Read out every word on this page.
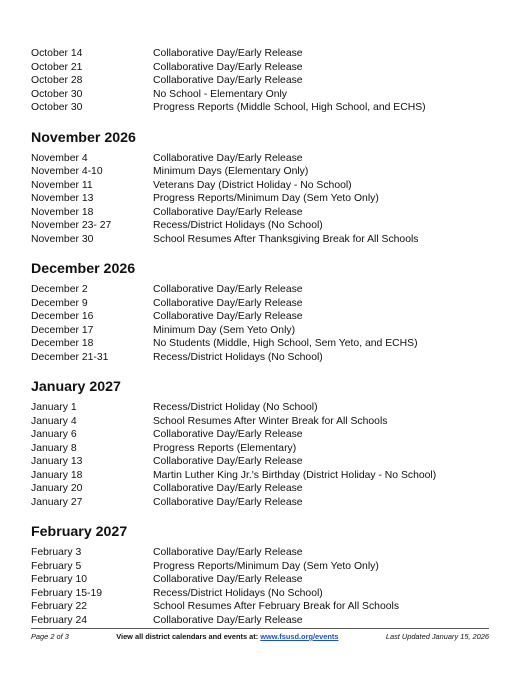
October 14	Collaborative Day/Early Release
October 21	Collaborative Day/Early Release
October 28	Collaborative Day/Early Release
October 30	No School - Elementary Only
October 30	Progress Reports (Middle School, High School, and ECHS)
November 2026
November 4	Collaborative Day/Early Release
November 4-10	Minimum Days (Elementary Only)
November 11	Veterans Day (District Holiday - No School)
November 13	Progress Reports/Minimum Day (Sem Yeto Only)
November 18	Collaborative Day/Early Release
November 23- 27	Recess/District Holidays (No School)
November 30	School Resumes After Thanksgiving Break for All Schools
December 2026
December 2	Collaborative Day/Early Release
December 9	Collaborative Day/Early Release
December 16	Collaborative Day/Early Release
December 17	Minimum Day (Sem Yeto Only)
December 18	No Students (Middle, High School, Sem Yeto, and ECHS)
December 21-31	Recess/District Holidays (No School)
January 2027
January 1	Recess/District Holiday (No School)
January 4	School Resumes After Winter Break for All Schools
January 6	Collaborative Day/Early Release
January 8	Progress Reports (Elementary)
January 13	Collaborative Day/Early Release
January 18	Martin Luther King Jr.'s Birthday (District Holiday - No School)
January 20	Collaborative Day/Early Release
January 27	Collaborative Day/Early Release
February 2027
February 3	Collaborative Day/Early Release
February 5	Progress Reports/Minimum Day (Sem Yeto Only)
February 10	Collaborative Day/Early Release
February 15-19	Recess/District Holidays (No School)
February 22	School Resumes After February Break for All Schools
February 24	Collaborative Day/Early Release
Page 2 of 3	View all district calendars and events at: www.fsusd.org/events	Last Updated January 15, 2026
